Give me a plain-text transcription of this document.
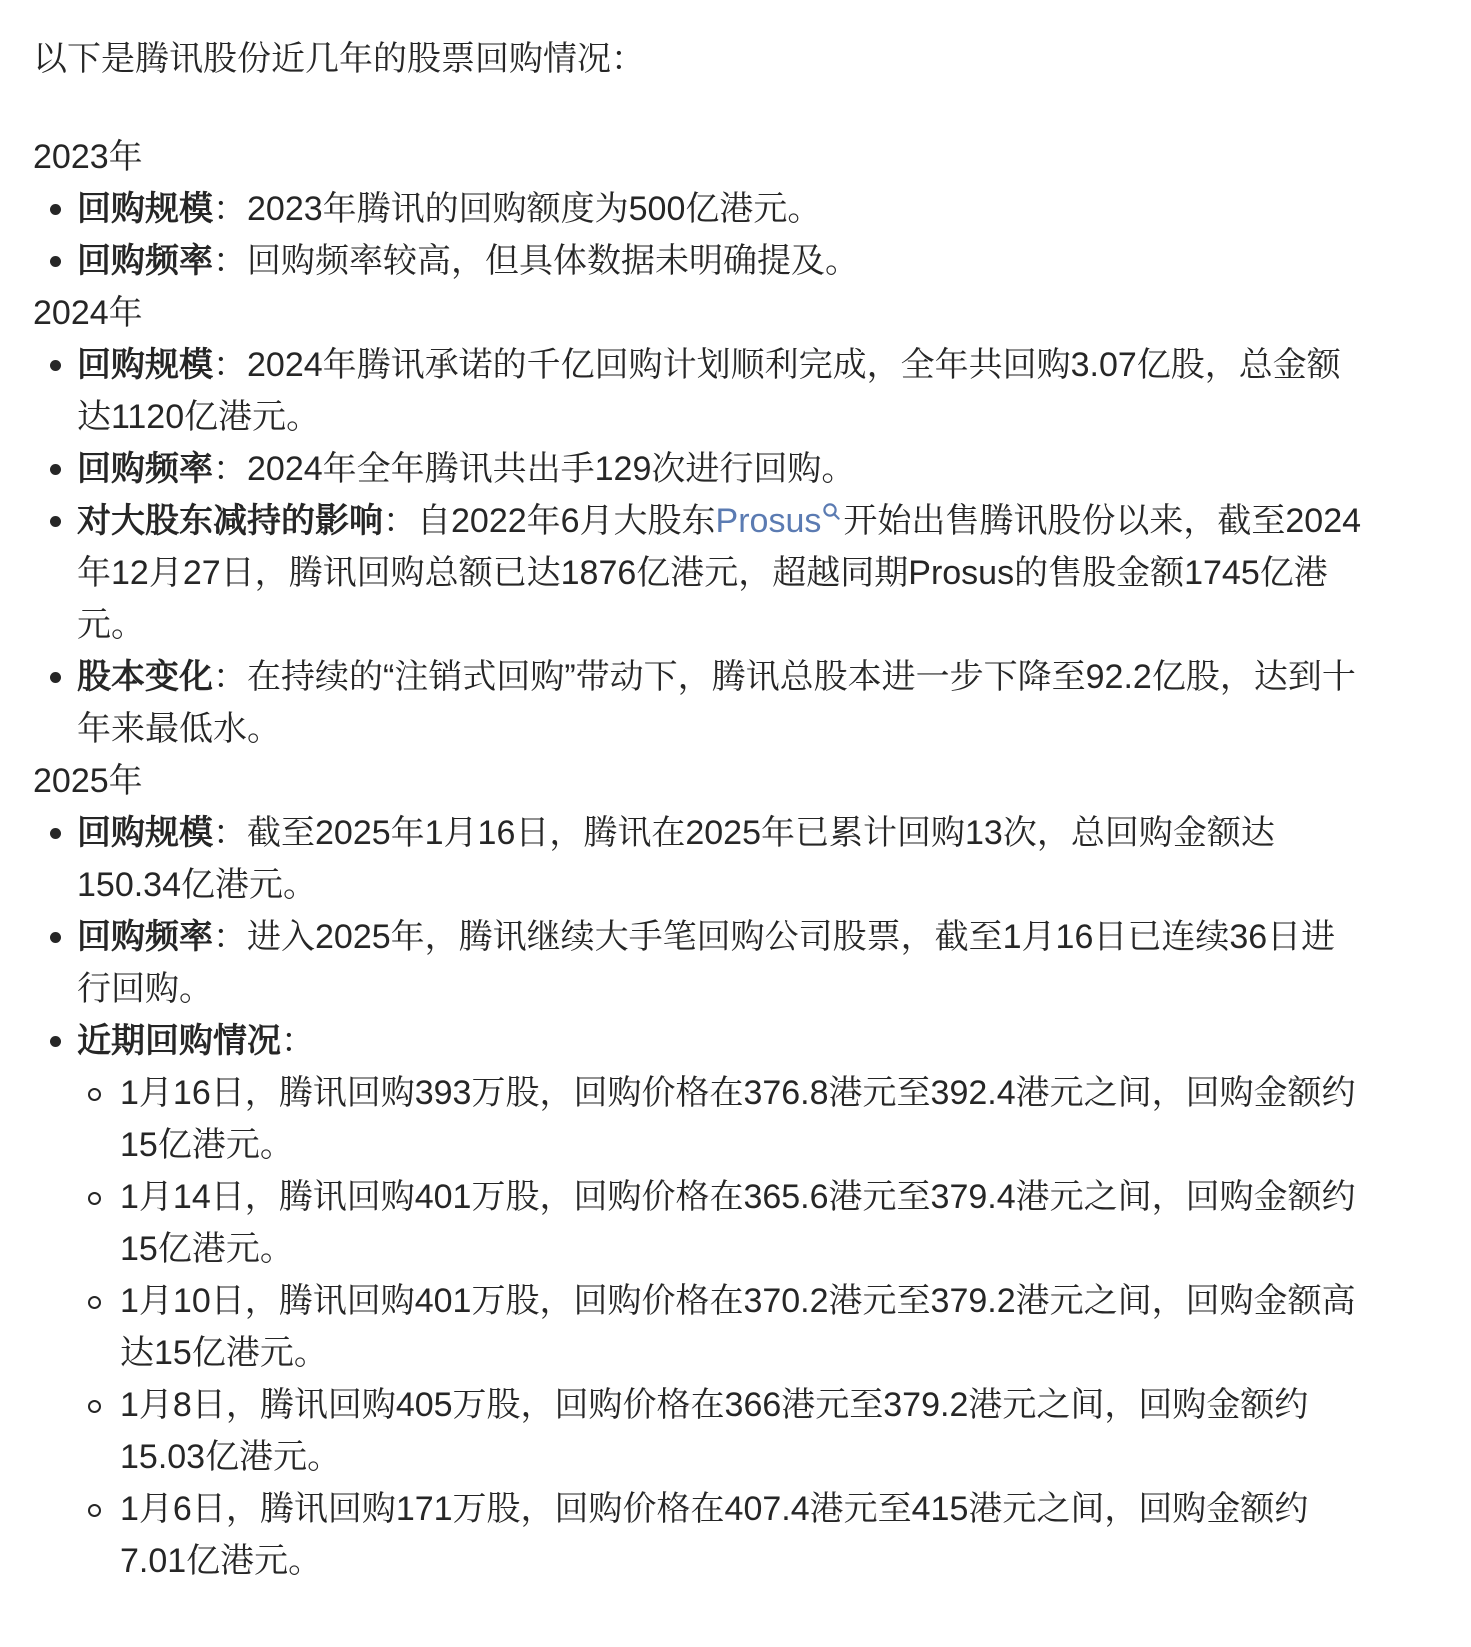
以下是腾讯股份近几年的股票回购情况：

2023年

回购规模：2023年腾讯的回购额度为500亿港元。
回购频率：回购频率较高，但具体数据未明确提及。

2024年

回购规模：2024年腾讯承诺的千亿回购计划顺利完成，全年共回购3.07亿股，总金额达1120亿港元。
回购频率：2024年全年腾讯共出手129次进行回购。
对大股东减持的影响：自2022年6月大股东Prosus 开始出售腾讯股份以来，截至2024年12月27日，腾讯回购总额已达1876亿港元，超越同期Prosus的售股金额1745亿港元。
股本变化：在持续的“注销式回购”带动下，腾讯总股本进一步下降至92.2亿股，达到十年来最低水。

2025年

回购规模：截至2025年1月16日，腾讯在2025年已累计回购13次，总回购金额达150.34亿港元。
回购频率：进入2025年，腾讯继续大手笔回购公司股票，截至1月16日已连续36日进行回购。
近期回购情况：
1月16日，腾讯回购393万股，回购价格在376.8港元至392.4港元之间，回购金额约15亿港元。
1月14日，腾讯回购401万股，回购价格在365.6港元至379.4港元之间，回购金额约15亿港元。
1月10日，腾讯回购401万股，回购价格在370.2港元至379.2港元之间，回购金额高达15亿港元。
1月8日，腾讯回购405万股，回购价格在366港元至379.2港元之间，回购金额约15.03亿港元。
1月6日，腾讯回购171万股，回购价格在407.4港元至415港元之间，回购金额约7.01亿港元。
